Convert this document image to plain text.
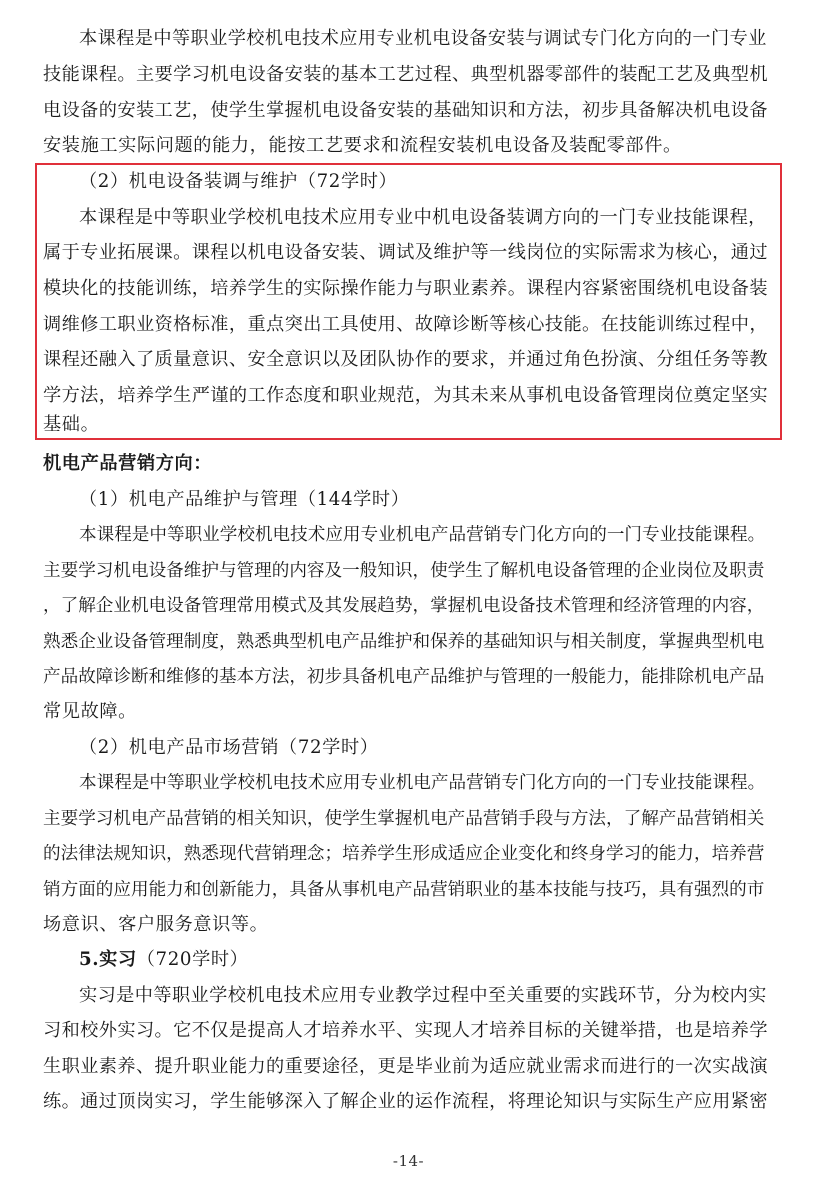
本课程是中等职业学校机电技术应用专业机电设备安装与调试专门化方向的一门专业
技能课程。主要学习机电设备安装的基本工艺过程、典型机器零部件的装配工艺及典型机
电设备的安装工艺，使学生掌握机电设备安装的基础知识和方法，初步具备解决机电设备
安装施工实际问题的能力，能按工艺要求和流程安装机电设备及装配零部件。
（2）机电设备装调与维护（72学时）
本课程是中等职业学校机电技术应用专业中机电设备装调方向的一门专业技能课程，
属于专业拓展课。课程以机电设备安装、调试及维护等一线岗位的实际需求为核心，通过
模块化的技能训练，培养学生的实际操作能力与职业素养。课程内容紧密围绕机电设备装
调维修工职业资格标准，重点突出工具使用、故障诊断等核心技能。在技能训练过程中，
课程还融入了质量意识、安全意识以及团队协作的要求，并通过角色扮演、分组任务等教
学方法，培养学生严谨的工作态度和职业规范，为其未来从事机电设备管理岗位奠定坚实
基础。
机电产品营销方向：
（1）机电产品维护与管理（144学时）
本课程是中等职业学校机电技术应用专业机电产品营销专门化方向的一门专业技能课程。
主要学习机电设备维护与管理的内容及一般知识，使学生了解机电设备管理的企业岗位及职责
，了解企业机电设备管理常用模式及其发展趋势，掌握机电设备技术管理和经济管理的内容，
熟悉企业设备管理制度，熟悉典型机电产品维护和保养的基础知识与相关制度，掌握典型机电
产品故障诊断和维修的基本方法，初步具备机电产品维护与管理的一般能力，能排除机电产品
常见故障。
（2）机电产品市场营销（72学时）
本课程是中等职业学校机电技术应用专业机电产品营销专门化方向的一门专业技能课程。
主要学习机电产品营销的相关知识，使学生掌握机电产品营销手段与方法，了解产品营销相关
的法律法规知识，熟悉现代营销理念；培养学生形成适应企业变化和终身学习的能力，培养营
销方面的应用能力和创新能力，具备从事机电产品营销职业的基本技能与技巧，具有强烈的市
场意识、客户服务意识等。
5.实习（720学时）
实习是中等职业学校机电技术应用专业教学过程中至关重要的实践环节，分为校内实
习和校外实习。它不仅是提高人才培养水平、实现人才培养目标的关键举措，也是培养学
生职业素养、提升职业能力的重要途径，更是毕业前为适应就业需求而进行的一次实战演
练。通过顶岗实习，学生能够深入了解企业的运作流程，将理论知识与实际生产应用紧密
-14-
